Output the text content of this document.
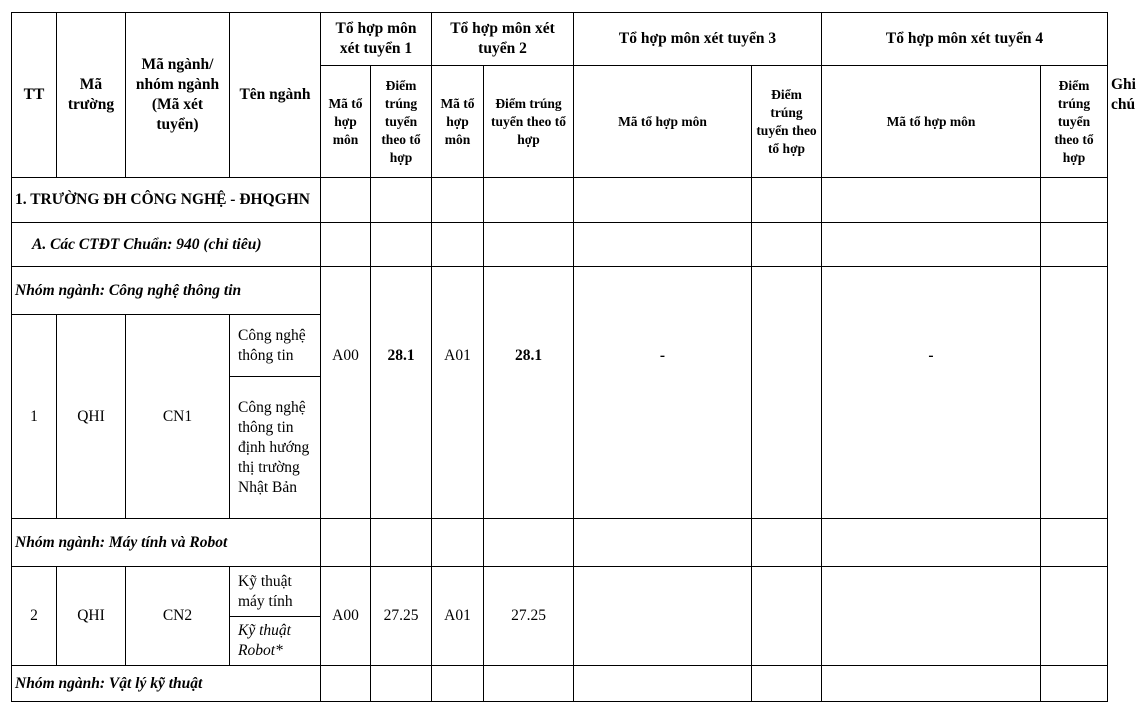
TT	Mã trường	Mã ngành/ nhóm ngành (Mã xét tuyển)	Tên ngành	Tổ hợp môn xét tuyển 1		Tổ hợp môn xét tuyển 2		Tổ hợp môn xét tuyển 3		Tổ hợp môn xét tuyển 4		Ghi chú
				Mã tổ hợp môn	Điểm trúng tuyển theo tổ hợp	Mã tổ hợp môn	Điểm trúng tuyển theo tổ hợp	Mã tổ hợp môn	Điểm trúng tuyển theo tổ hợp	Mã tổ hợp môn	Điểm trúng tuyển theo tổ hợp	
1. TRƯỜNG ĐH CÔNG NGHỆ - ĐHQGHN												
A. Các CTĐT Chuẩn: 940 (chỉ tiêu)												
Nhóm ngành: Công nghệ thông tin												
1	QHI	CN1	Công nghệ thông tin	A00	28.1	A01	28.1	-		-		
			Công nghệ thông tin định hướng thị trường Nhật Bản									
Nhóm ngành: Máy tính và Robot												
2	QHI	CN2	Kỹ thuật máy tính	A00	27.25	A01	27.25					
			Kỹ thuật Robot*									
Nhóm ngành: Vật lý kỹ thuật												
